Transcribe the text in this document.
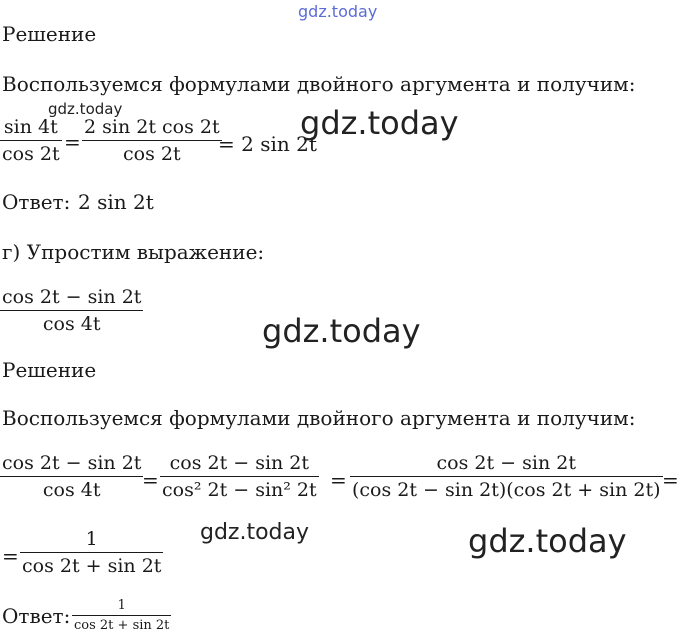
gdz.today
Решение
Воспользуемся формулами двойного аргумента и получим:
gdz.today
sin 4t
cos 2t
=
2 sin 2t cos 2t
cos 2t	= 2 sin 2t
gdz.today
Ответ: 2 sin 2t
г) Упростим выражение:
cos 2t − sin 2t
cos 4t	gdz.today
Решение
Воспользуемся формулами двойного аргумента и получим:
cos 2t − sin 2t
cos 4t	=
cos 2t − sin 2t
cos² 2t − sin² 2t =
cos 2t − sin 2t
(cos 2t − sin 2t)(cos 2t + sin 2t) =
=
1
cos 2t + sin 2t
gdz.today	gdz.today
Ответ:	1
cos 2t + sin 2t
